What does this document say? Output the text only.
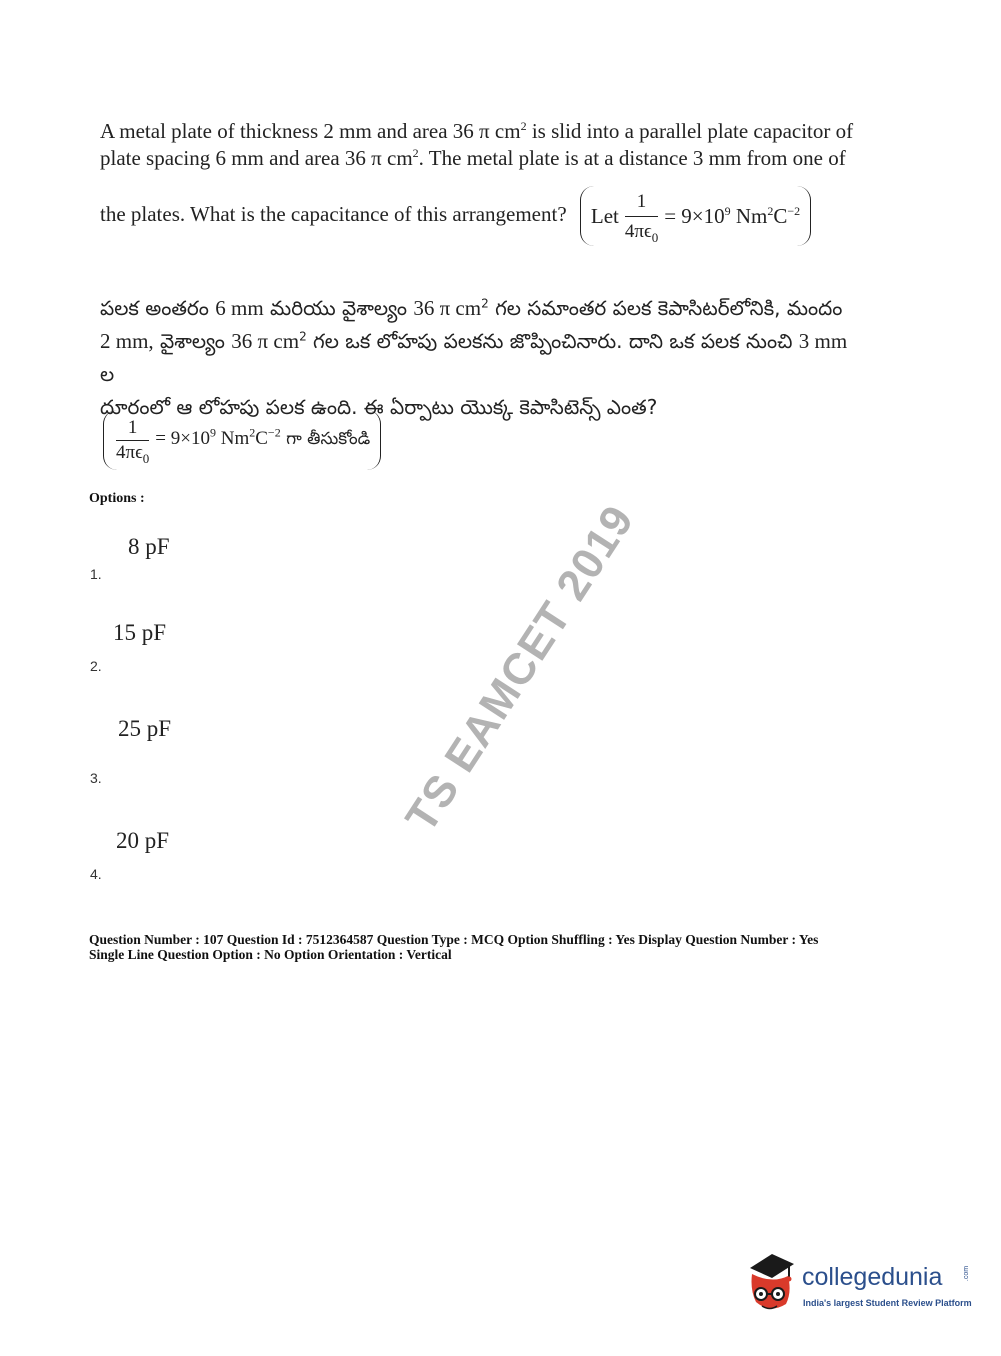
A metal plate of thickness 2 mm and area 36 π $cm^2$ is slid into a parallel plate capacitor of
plate spacing 6 mm and area 36 π $cm^2$. The metal plate is at a distance 3 mm from one of
the plates. What is the capacitance of this arrangement? Let $\frac{1}{4\pi\epsilon_0} = 9\times 10^9$ $Nm^2C^{-2}$
పలక అంతరం 6 mm మరియు వైశాల్యం 36 π $cm^2$ గల సమాంతర పలక కెపాసిటర్‌లోనికి, మందం
2 mm, వైశాల్యం 36 π $cm^2$ గల ఒక లోహపు పలకను జొప్పించినారు. దాని ఒక పలక నుంచి 3 mm ల
దూరంలో ఆ లోహపు పలక ఉంది. ఈ ఏర్పాటు యొక్క కెపాసిటెన్స్ ఎంత?
$\frac{1}{4\pi\epsilon_0} = 9\times 10^9$ $Nm^2C^{-2}$ గా తీసుకోండి
Options :
8 pF
1.
15 pF
2.
25 pF
3.
20 pF
4.
TS EAMCET 2019
Question Number : 107 Question Id : 7512364587 Question Type : MCQ Option Shuffling : Yes Display Question Number : Yes
Single Line Question Option : No Option Orientation : Vertical
collegedunia	.com
India's largest Student Review Platform
